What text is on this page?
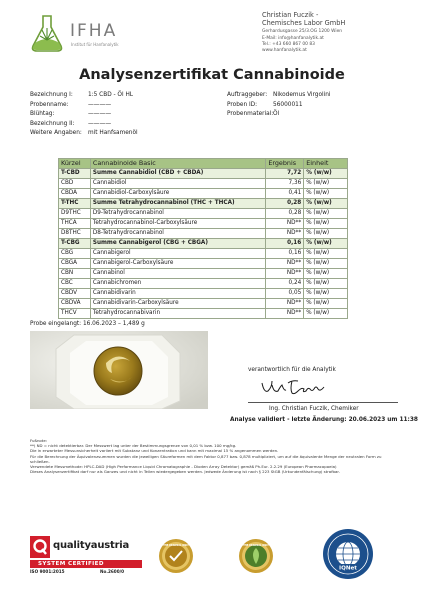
IFHA
Institut für Hanfanalytik
Christian Fuczik -
Chemisches Labor GmbH
Gerhardusgasse 25/3.OG 1200 Wien
E-Mail: info@hanfanalytik.at
Tel.: +43 660 867 00 83
www.hanfanalytik.at
Analysenzertifikat Cannabinoide
Bezeichnung I:	1:5 CBD - Öl HL
Probenname:	————
Blühtag:	————
Bezeichnung II:	————
Weitere Angaben:	mit Hanfsamenöl
Auftraggeber: Nikodemus Virgolini
Proben ID:	56000011
Probenmaterial: Öl
Kürzel	Cannabinoide Basic	Ergebnis	Einheit
T-CBD	Summe Cannabidiol (CBD + CBDA)	7,72	% (w/w)
CBD	Cannabidiol	7,36	% (w/w)
CBDA	Cannabidiol-Carboxylsäure	0,41	% (w/w)
T-THC	Summe Tetrahydrocannabinol (THC + THCA)	0,28	% (w/w)
D9THC	D9-Tetrahydrocannabinol	0,28	% (w/w)
THCA	Tetrahydrocannabinol-Carboxylsäure	ND**	% (w/w)
D8THC	D8-Tetrahydrocannabinol	ND**	% (w/w)
T-CBG	Summe Cannabigerol (CBG + CBGA)	0,16	% (w/w)
CBG	Cannabigerol	0,16	% (w/w)
CBGA	Cannabigerol-Carboxylsäure	ND**	% (w/w)
CBN	Cannabinol	ND**	% (w/w)
CBC	Cannabichromen	0,24	% (w/w)
CBDV	Cannabidivarin	0,05	% (w/w)
CBDVA	Cannabidivarin-Carboxylsäure	ND**	% (w/w)
THCV	Tetrahydrocannabivarin	ND**	% (w/w)
Probe eingelangt: 16.06.2023 – 1,489 g
verantwortlich für die Analytik
Ing. Christian Fuczik, Chemiker
Analyse validiert - letzte Änderung: 20.06.2023 um 11:38
Fußnote:
**) ND = nicht detektierbar. Der Messwert lag unter der Bestimmungsgrenze von 0,01 % bzw. 100 mg/kg.
Die in erwarteter Messunsicherheit variiert mit Substanz und Konzentration und kann mit maximal 15 % angenommen werden.
Für die Berechnung der Äquivalenzsummen wurden die jeweiligen Säureformen mit dem Faktor 0,877 bzw. 0,878 multipliziert, um auf die äquivalente Menge der neutralen Form zu schließen.
Verwendete Messmethode: HPLC-DAD (High Performance Liquid Chromatographie - Dioden Array Detektor) gemäß Ph.Eur. 2.2.29 (European Pharmacopoeia)
Dieses Analysenzertifikat darf nur als Ganzes und nicht in Teilen wiedergegeben werden. Jedwede Änderung ist nach § 223 StGB (Urkundenfälschung) strafbar.
qualityaustria
SYSTEM CERTIFIED
ISO 9001:2015	No.2600/0
THE ORIGINAL ONLY	THE ORIGINAL ONLY
IQNet
